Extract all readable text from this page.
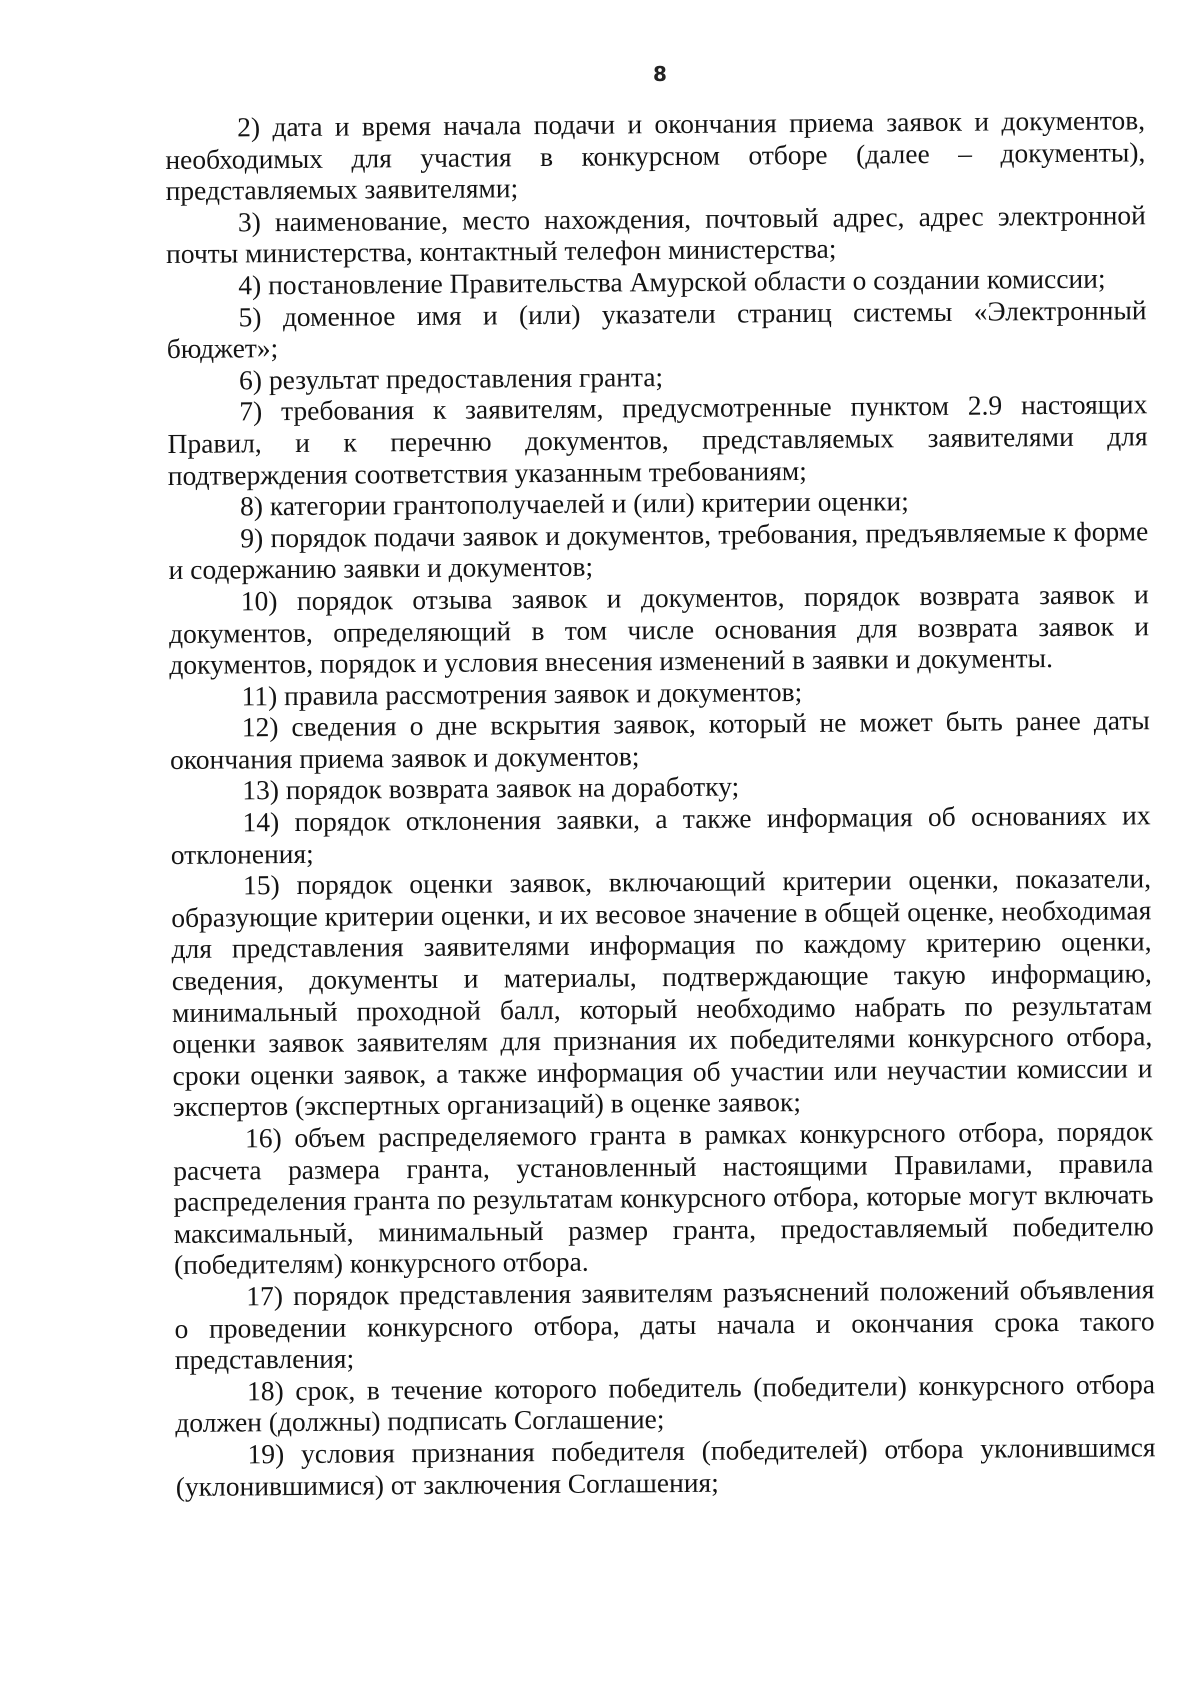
8

2) дата и время начала подачи и окончания приема заявок и документов, необходимых для участия в конкурсном отборе (далее – документы), представляемых заявителями;

3) наименование, место нахождения, почтовый адрес, адрес электронной почты министерства, контактный телефон министерства;

4) постановление Правительства Амурской области о создании комиссии;

5) доменное имя и (или) указатели страниц системы «Электронный бюджет»;

6) результат предоставления гранта;

7) требования к заявителям, предусмотренные пунктом 2.9 настоящих Правил, и к перечню документов, представляемых заявителями для подтверждения соответствия указанным требованиям;

8) категории грантополучаелей и (или) критерии оценки;

9) порядок подачи заявок и документов, требования, предъявляемые к форме и содержанию заявки и документов;

10) порядок отзыва заявок и документов, порядок возврата заявок и документов, определяющий в том числе основания для возврата заявок и документов, порядок и условия внесения изменений в заявки и документы.

11) правила рассмотрения заявок и документов;

12) сведения о дне вскрытия заявок, который не может быть ранее даты окончания приема заявок и документов;

13) порядок возврата заявок на доработку;

14) порядок отклонения заявки, а также информация об основаниях их отклонения;

15) порядок оценки заявок, включающий критерии оценки, показатели, образующие критерии оценки, и их весовое значение в общей оценке, необходимая для представления заявителями информация по каждому критерию оценки, сведения, документы и материалы, подтверждающие такую информацию, минимальный проходной балл, который необходимо набрать по результатам оценки заявок заявителям для признания их победителями конкурсного отбора, сроки оценки заявок, а также информация об участии или неучастии комиссии и экспертов (экспертных организаций) в оценке заявок;

16) объем распределяемого гранта в рамках конкурсного отбора, порядок расчета размера гранта, установленный настоящими Правилами, правила распределения гранта по результатам конкурсного отбора, которые могут включать максимальный, минимальный размер гранта, предоставляемый победителю (победителям) конкурсного отбора.

17) порядок представления заявителям разъяснений положений объявления о проведении конкурсного отбора, даты начала и окончания срока такого представления;

18) срок, в течение которого победитель (победители) конкурсного отбора должен (должны) подписать Соглашение;

19) условия признания победителя (победителей) отбора уклонившимся (уклонившимися) от заключения Соглашения;
